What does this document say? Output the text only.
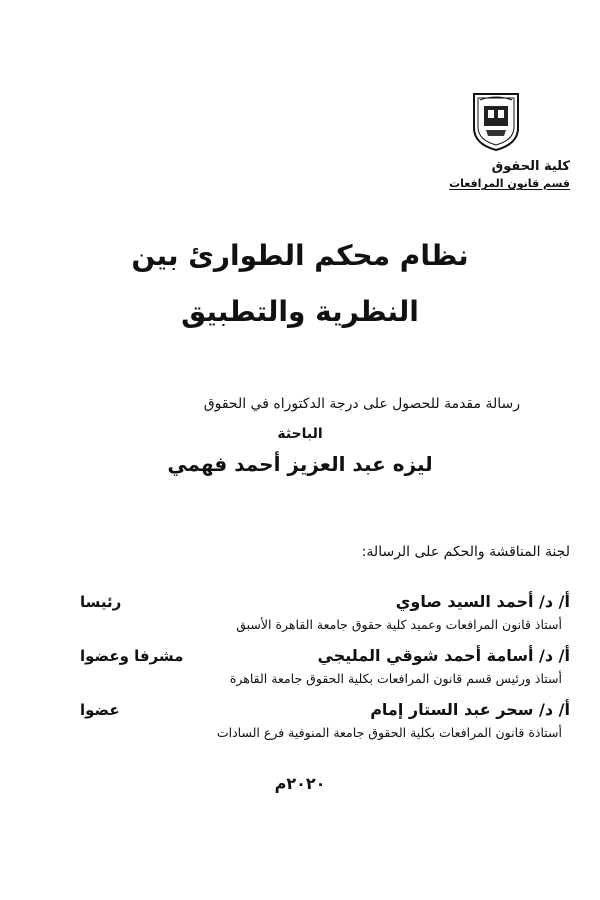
كلية الحقوق
قسم قانون المرافعات
نظام محكم الطوارئ بين
النظرية والتطبيق
رسالة مقدمة للحصول على درجة الدكتوراه في الحقوق
الباحثة
ليزه عبد العزيز أحمد فهمي
لجنة المناقشة والحكم على الرسالة:
أ/ د/ أحمد السيد صاوي
رئيسا
أستاذ قانون المرافعات وعميد كلية حقوق جامعة القاهرة الأسبق
أ/ د/ أسامة أحمد شوقي المليجي
مشرفا وعضوا
أستاذ ورئيس قسم قانون المرافعات بكلية الحقوق جامعة القاهرة
أ/ د/ سحر عبد الستار إمام
عضوا
أستاذة قانون المرافعات بكلية الحقوق جامعة المنوفية فرع السادات
٢٠٢٠م
